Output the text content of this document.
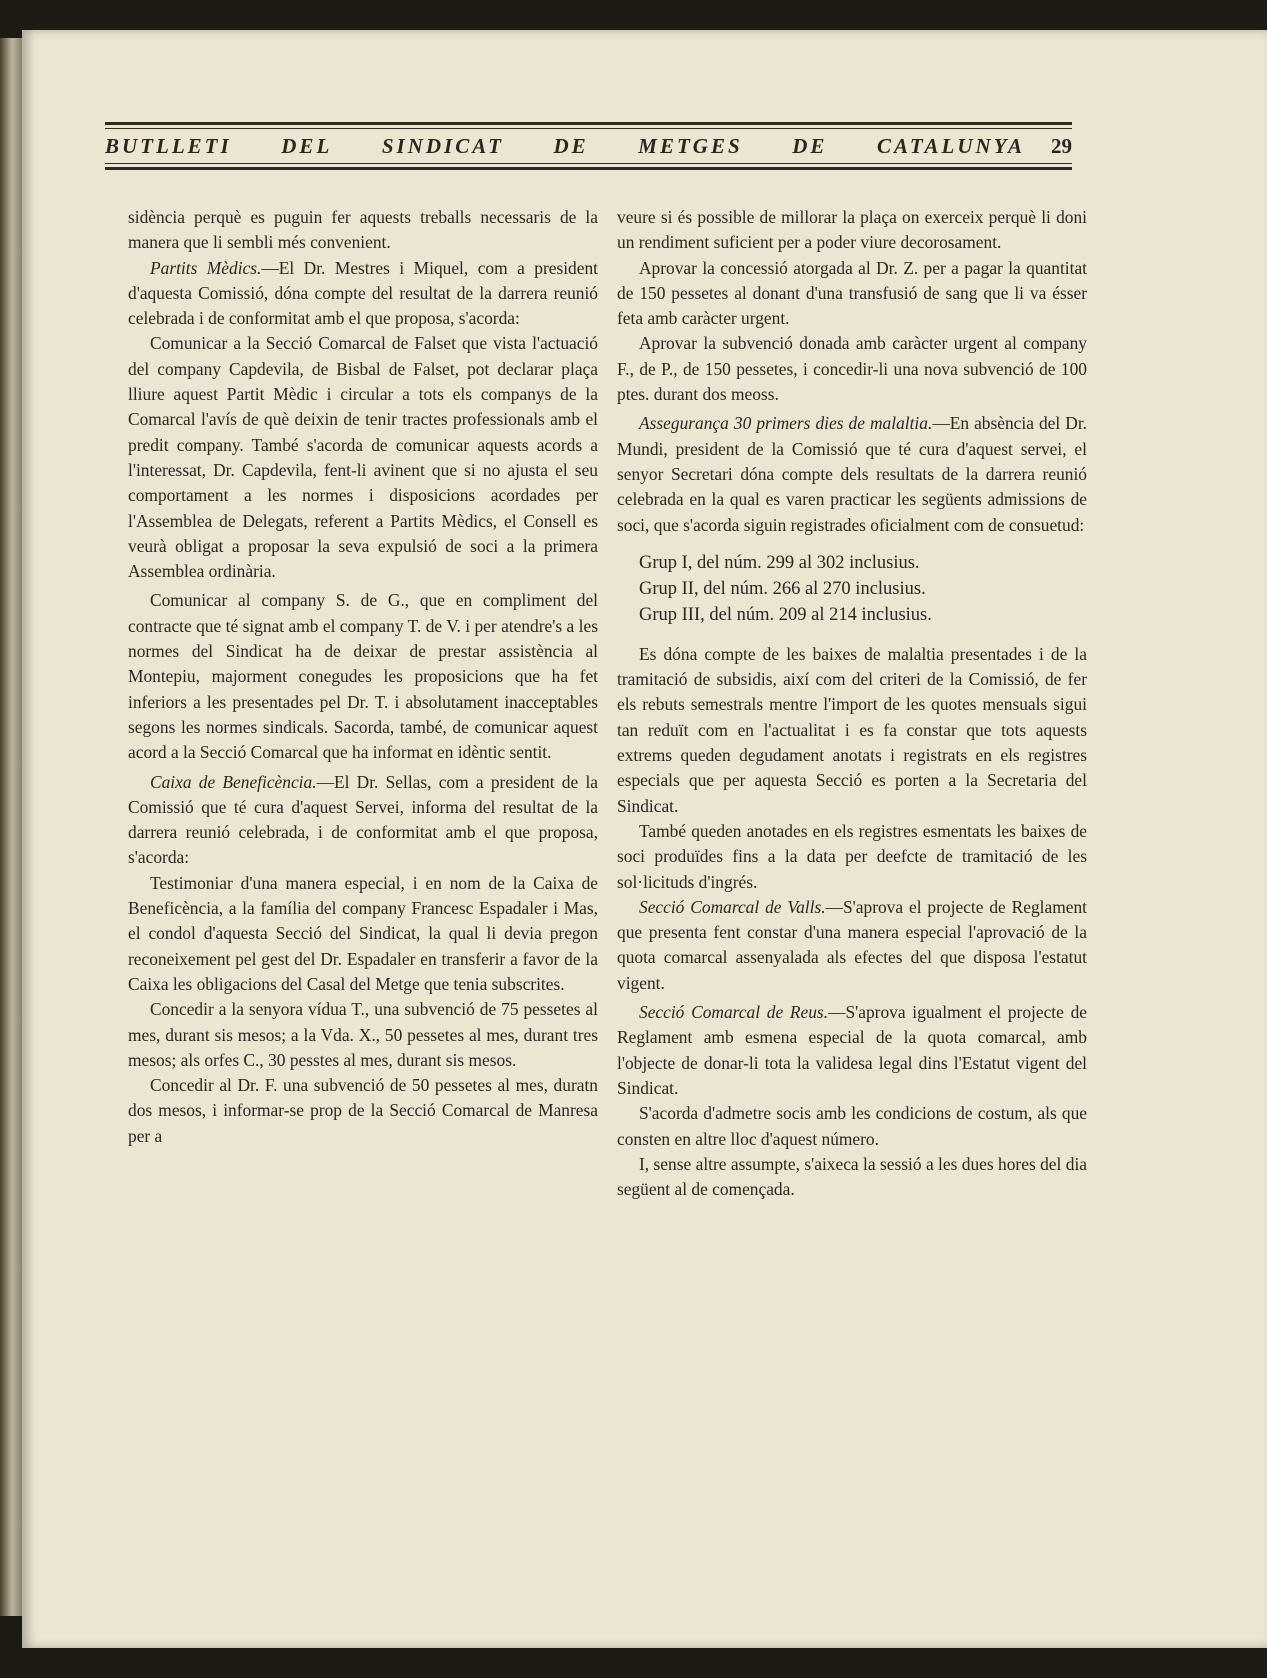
BUTLLETI DEL SINDICAT DE METGES DE CATALUNYA 29

sidència perquè es puguin fer aquests treballs necessaris de la manera que li sembli més convenient.

Partits Mèdics.—El Dr. Mestres i Miquel, com a president d'aquesta Comissió, dóna compte del resultat de la darrera reunió celebrada i de conformitat amb el que proposa, s'acorda:

Comunicar a la Secció Comarcal de Falset que vista l'actuació del company Capdevila, de Bisbal de Falset, pot declarar plaça lliure aquest Partit Mèdic i circular a tots els companys de la Comarcal l'avís de què deixin de tenir tractes professionals amb el predit company. També s'acorda de comunicar aquests acords a l'interessat, Dr. Capdevila, fent-li avinent que si no ajusta el seu comportament a les normes i disposicions acordades per l'Assemblea de Delegats, referent a Partits Mèdics, el Consell es veurà obligat a proposar la seva expulsió de soci a la primera Assemblea ordinària.

Comunicar al company S. de G., que en compliment del contracte que té signat amb el company T. de V. i per atendre's a les normes del Sindicat ha de deixar de prestar assistència al Montepiu, majorment conegudes les proposicions que ha fet inferiors a les presentades pel Dr. T. i absolutament inacceptables segons les normes sindicals. Sacorda, també, de comunicar aquest acord a la Secció Comarcal que ha informat en idèntic sentit.

Caixa de Beneficència.—El Dr. Sellas, com a president de la Comissió que té cura d'aquest Servei, informa del resultat de la darrera reunió celebrada, i de conformitat amb el que proposa, s'acorda:

Testimoniar d'una manera especial, i en nom de la Caixa de Beneficència, a la família del company Francesc Espadaler i Mas, el condol d'aquesta Secció del Sindicat, la qual li devia pregon reconeixement pel gest del Dr. Espadaler en transferir a favor de la Caixa les obligacions del Casal del Metge que tenia subscrites.

Concedir a la senyora vídua T., una subvenció de 75 pessetes al mes, durant sis mesos; a la Vda. X., 50 pessetes al mes, durant tres mesos; als orfes C., 30 pesstes al mes, durant sis mesos.

Concedir al Dr. F. una subvenció de 50 pessetes al mes, duratn dos mesos, i informar-se prop de la Secció Comarcal de Manresa per a

veure si és possible de millorar la plaça on exerceix perquè li doni un rendiment suficient per a poder viure decorosament.

Aprovar la concessió atorgada al Dr. Z. per a pagar la quantitat de 150 pessetes al donant d'una transfusió de sang que li va ésser feta amb caràcter urgent.

Aprovar la subvenció donada amb caràcter urgent al company F., de P., de 150 pessetes, i concedir-li una nova subvenció de 100 ptes. durant dos meoss.

Assegurança 30 primers dies de malaltia.—En absència del Dr. Mundi, president de la Comissió que té cura d'aquest servei, el senyor Secretari dóna compte dels resultats de la darrera reunió celebrada en la qual es varen practicar les següents admissions de soci, que s'acorda siguin registrades oficialment com de consuetud:

Grup I, del núm. 299 al 302 inclusius.
Grup II, del núm. 266 al 270 inclusius.
Grup III, del núm. 209 al 214 inclusius.

Es dóna compte de les baixes de malaltia presentades i de la tramitació de subsidis, així com del criteri de la Comissió, de fer els rebuts semestrals mentre l'import de les quotes mensuals sigui tan reduït com en l'actualitat i es fa constar que tots aquests extrems queden degudament anotats i registrats en els registres especials que per aquesta Secció es porten a la Secretaria del Sindicat.

També queden anotades en els registres esmentats les baixes de soci produïdes fins a la data per deefcte de tramitació de les sol·licituds d'ingrés.

Secció Comarcal de Valls.—S'aprova el projecte de Reglament que presenta fent constar d'una manera especial l'aprovació de la quota comarcal assenyalada als efectes del que disposa l'estatut vigent.

Secció Comarcal de Reus.—S'aprova igualment el projecte de Reglament amb esmena especial de la quota comarcal, amb l'objecte de donar-li tota la validesa legal dins l'Estatut vigent del Sindicat.

S'acorda d'admetre socis amb les condicions de costum, als que consten en altre lloc d'aquest número.

I, sense altre assumpte, s'aixeca la sessió a les dues hores del dia següent al de començada.
